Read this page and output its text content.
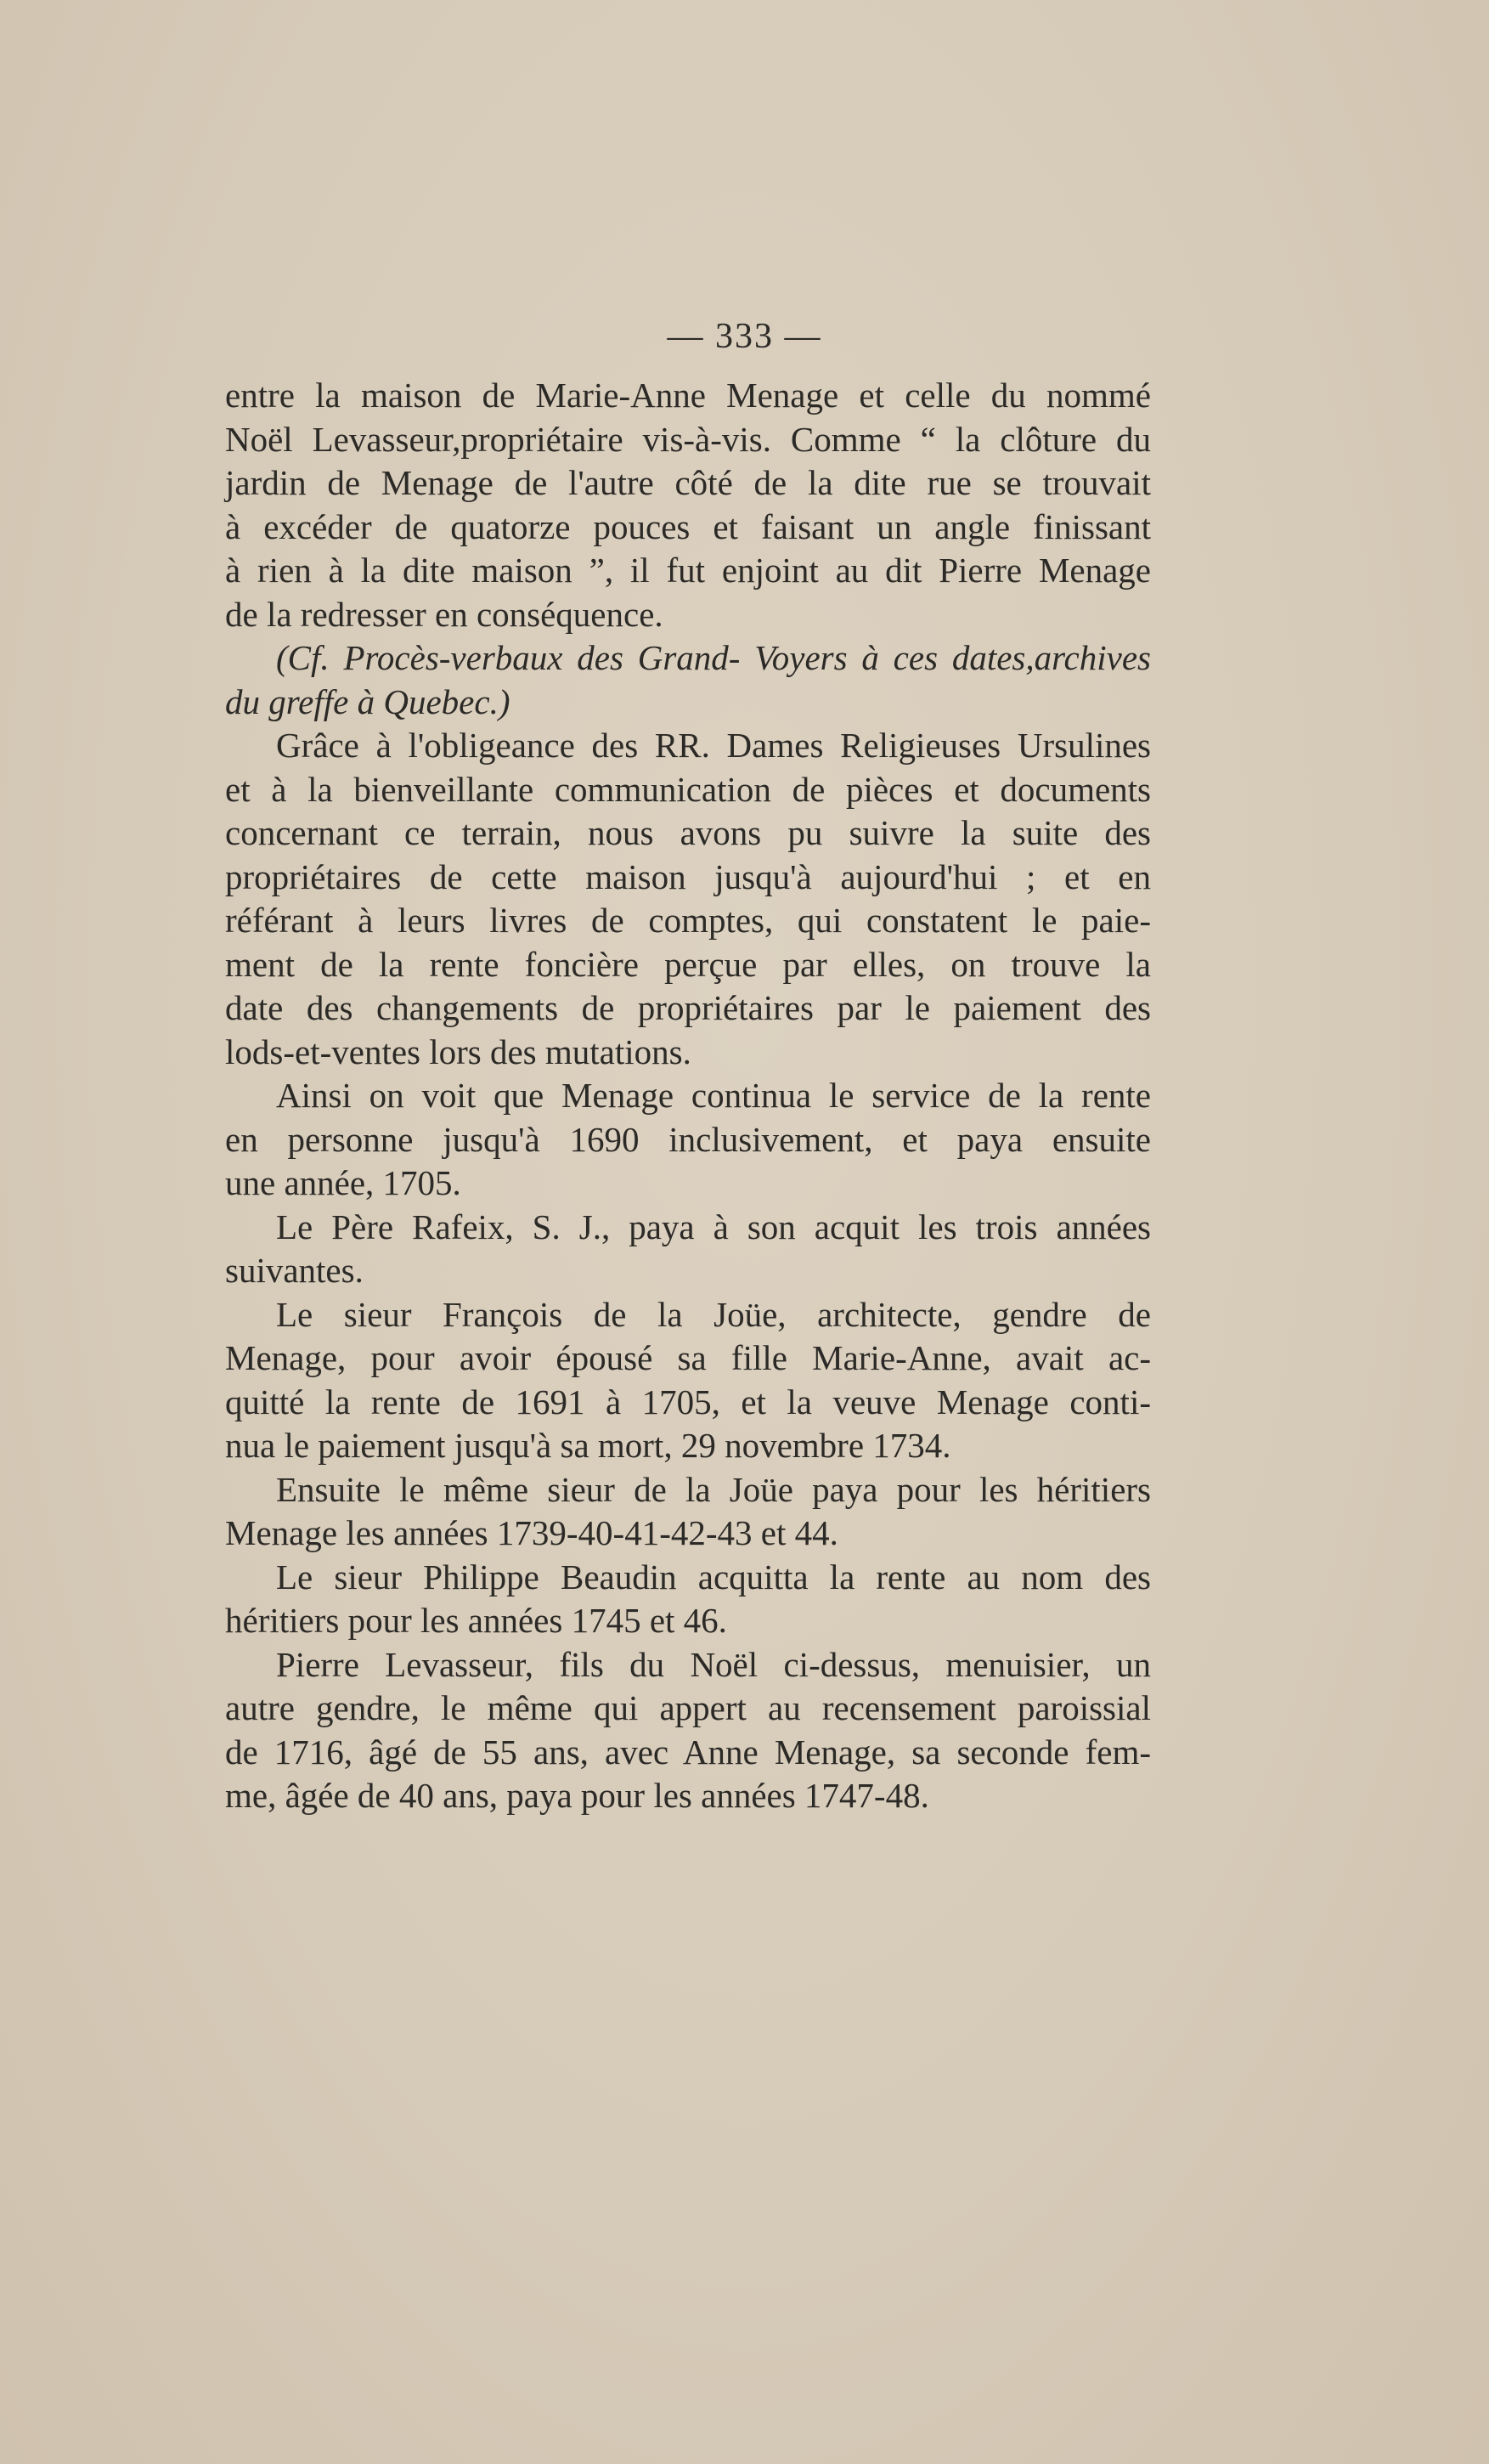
— 333 —
entre la maison de Marie-Anne Menage et celle du nommé
Noël Levasseur,propriétaire vis-à-vis. Comme “ la clôture du
jardin de Menage de l'autre côté de la dite rue se trouvait
à excéder de quatorze pouces et faisant un angle finissant
à rien à la dite maison ”, il fut enjoint au dit Pierre Menage
de la redresser en conséquence.
(Cf. Procès-verbaux des Grand- Voyers à ces dates,archives
du greffe à Quebec.)
Grâce à l'obligeance des RR. Dames Religieuses Ursulines
et à la bienveillante communication de pièces et documents
concernant ce terrain, nous avons pu suivre la suite des
propriétaires de cette maison jusqu'à aujourd'hui ; et en
référant à leurs livres de comptes, qui constatent le paie-
ment de la rente foncière perçue par elles, on trouve la
date des changements de propriétaires par le paiement des
lods-et-ventes lors des mutations.
Ainsi on voit que Menage continua le service de la rente
en personne jusqu'à 1690 inclusivement, et paya ensuite
une année, 1705.
Le Père Rafeix, S. J., paya à son acquit les trois années
suivantes.
Le sieur François de la Joüe, architecte, gendre de
Menage, pour avoir épousé sa fille Marie-Anne, avait ac-
quitté la rente de 1691 à 1705, et la veuve Menage conti-
nua le paiement jusqu'à sa mort, 29 novembre 1734.
Ensuite le même sieur de la Joüe paya pour les héritiers
Menage les années 1739-40-41-42-43 et 44.
Le sieur Philippe Beaudin acquitta la rente au nom des
héritiers pour les années 1745 et 46.
Pierre Levasseur, fils du Noël ci-dessus, menuisier, un
autre gendre, le même qui appert au recensement paroissial
de 1716, âgé de 55 ans, avec Anne Menage, sa seconde fem-
me, âgée de 40 ans, paya pour les années 1747-48.
